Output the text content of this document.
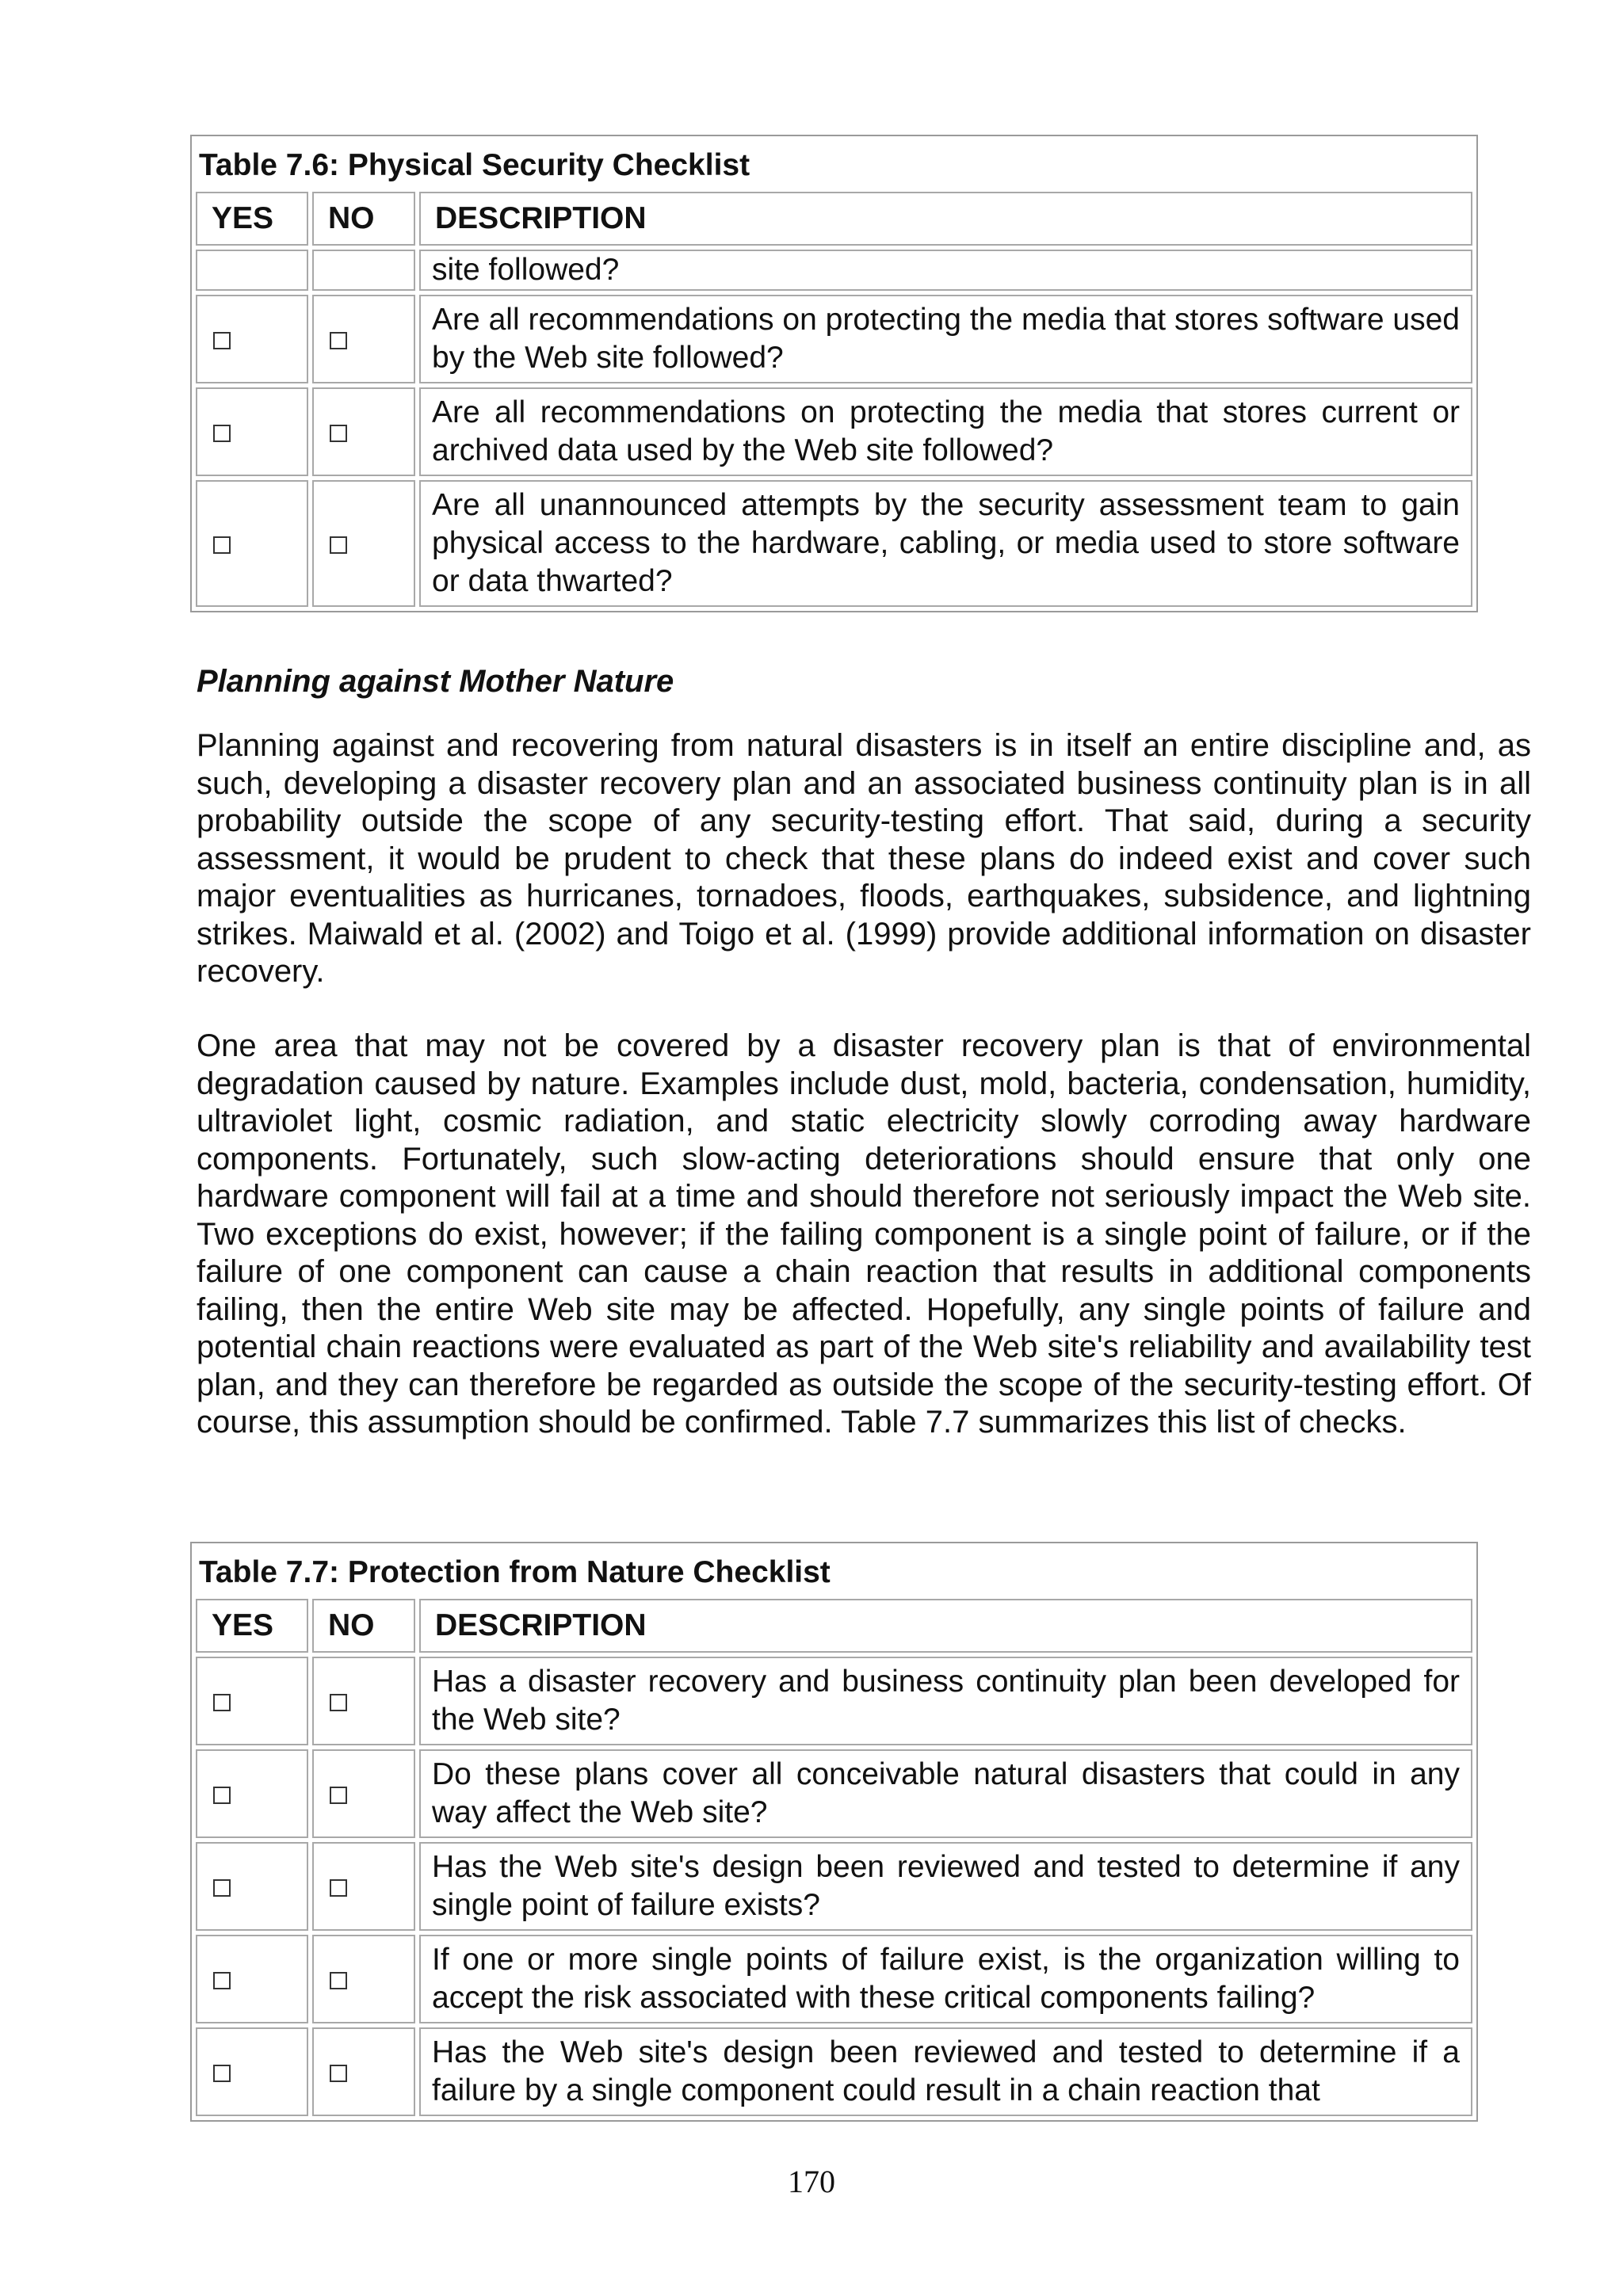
Table 7.6: Physical Security Checklist		
YES	NO	DESCRIPTION
		site followed?
		Are all recommendations on protecting the media that stores software used by the Web site followed?
		Are all recommendations on protecting the media that stores current or archived data used by the Web site followed?
		Are all unannounced attempts by the security assessment team to gain physical access to the hardware, cabling, or media used to store software or data thwarted?
Planning against Mother Nature

Planning against and recovering from natural disasters is in itself an entire discipline and, as such, developing a disaster recovery plan and an associated business continuity plan is in all probability outside the scope of any security-testing effort. That said, during a security assessment, it would be prudent to check that these plans do indeed exist and cover such major eventualities as hurricanes, tornadoes, floods, earthquakes, subsidence, and lightning strikes. Maiwald et al. (2002) and Toigo et al. (1999) provide additional information on disaster recovery.

One area that may not be covered by a disaster recovery plan is that of environmental degradation caused by nature. Examples include dust, mold, bacteria, condensation, humidity, ultraviolet light, cosmic radiation, and static electricity slowly corroding away hardware components. Fortunately, such slow-acting deteriorations should ensure that only one hardware component will fail at a time and should therefore not seriously impact the Web site. Two exceptions do exist, however; if the failing component is a single point of failure, or if the failure of one component can cause a chain reaction that results in additional components failing, then the entire Web site may be affected. Hopefully, any single points of failure and potential chain reactions were evaluated as part of the Web site's reliability and availability test plan, and they can therefore be regarded as outside the scope of the security-testing effort. Of course, this assumption should be confirmed. Table 7.7 summarizes this list of checks.

Table 7.7: Protection from Nature Checklist		
YES	NO	DESCRIPTION
		Has a disaster recovery and business continuity plan been developed for the Web site?
		Do these plans cover all conceivable natural disasters that could in any way affect the Web site?
		Has the Web site's design been reviewed and tested to determine if any single point of failure exists?
		If one or more single points of failure exist, is the organization willing to accept the risk associated with these critical components failing?
		Has the Web site's design been reviewed and tested to determine if a failure by a single component could result in a chain reaction that
170
